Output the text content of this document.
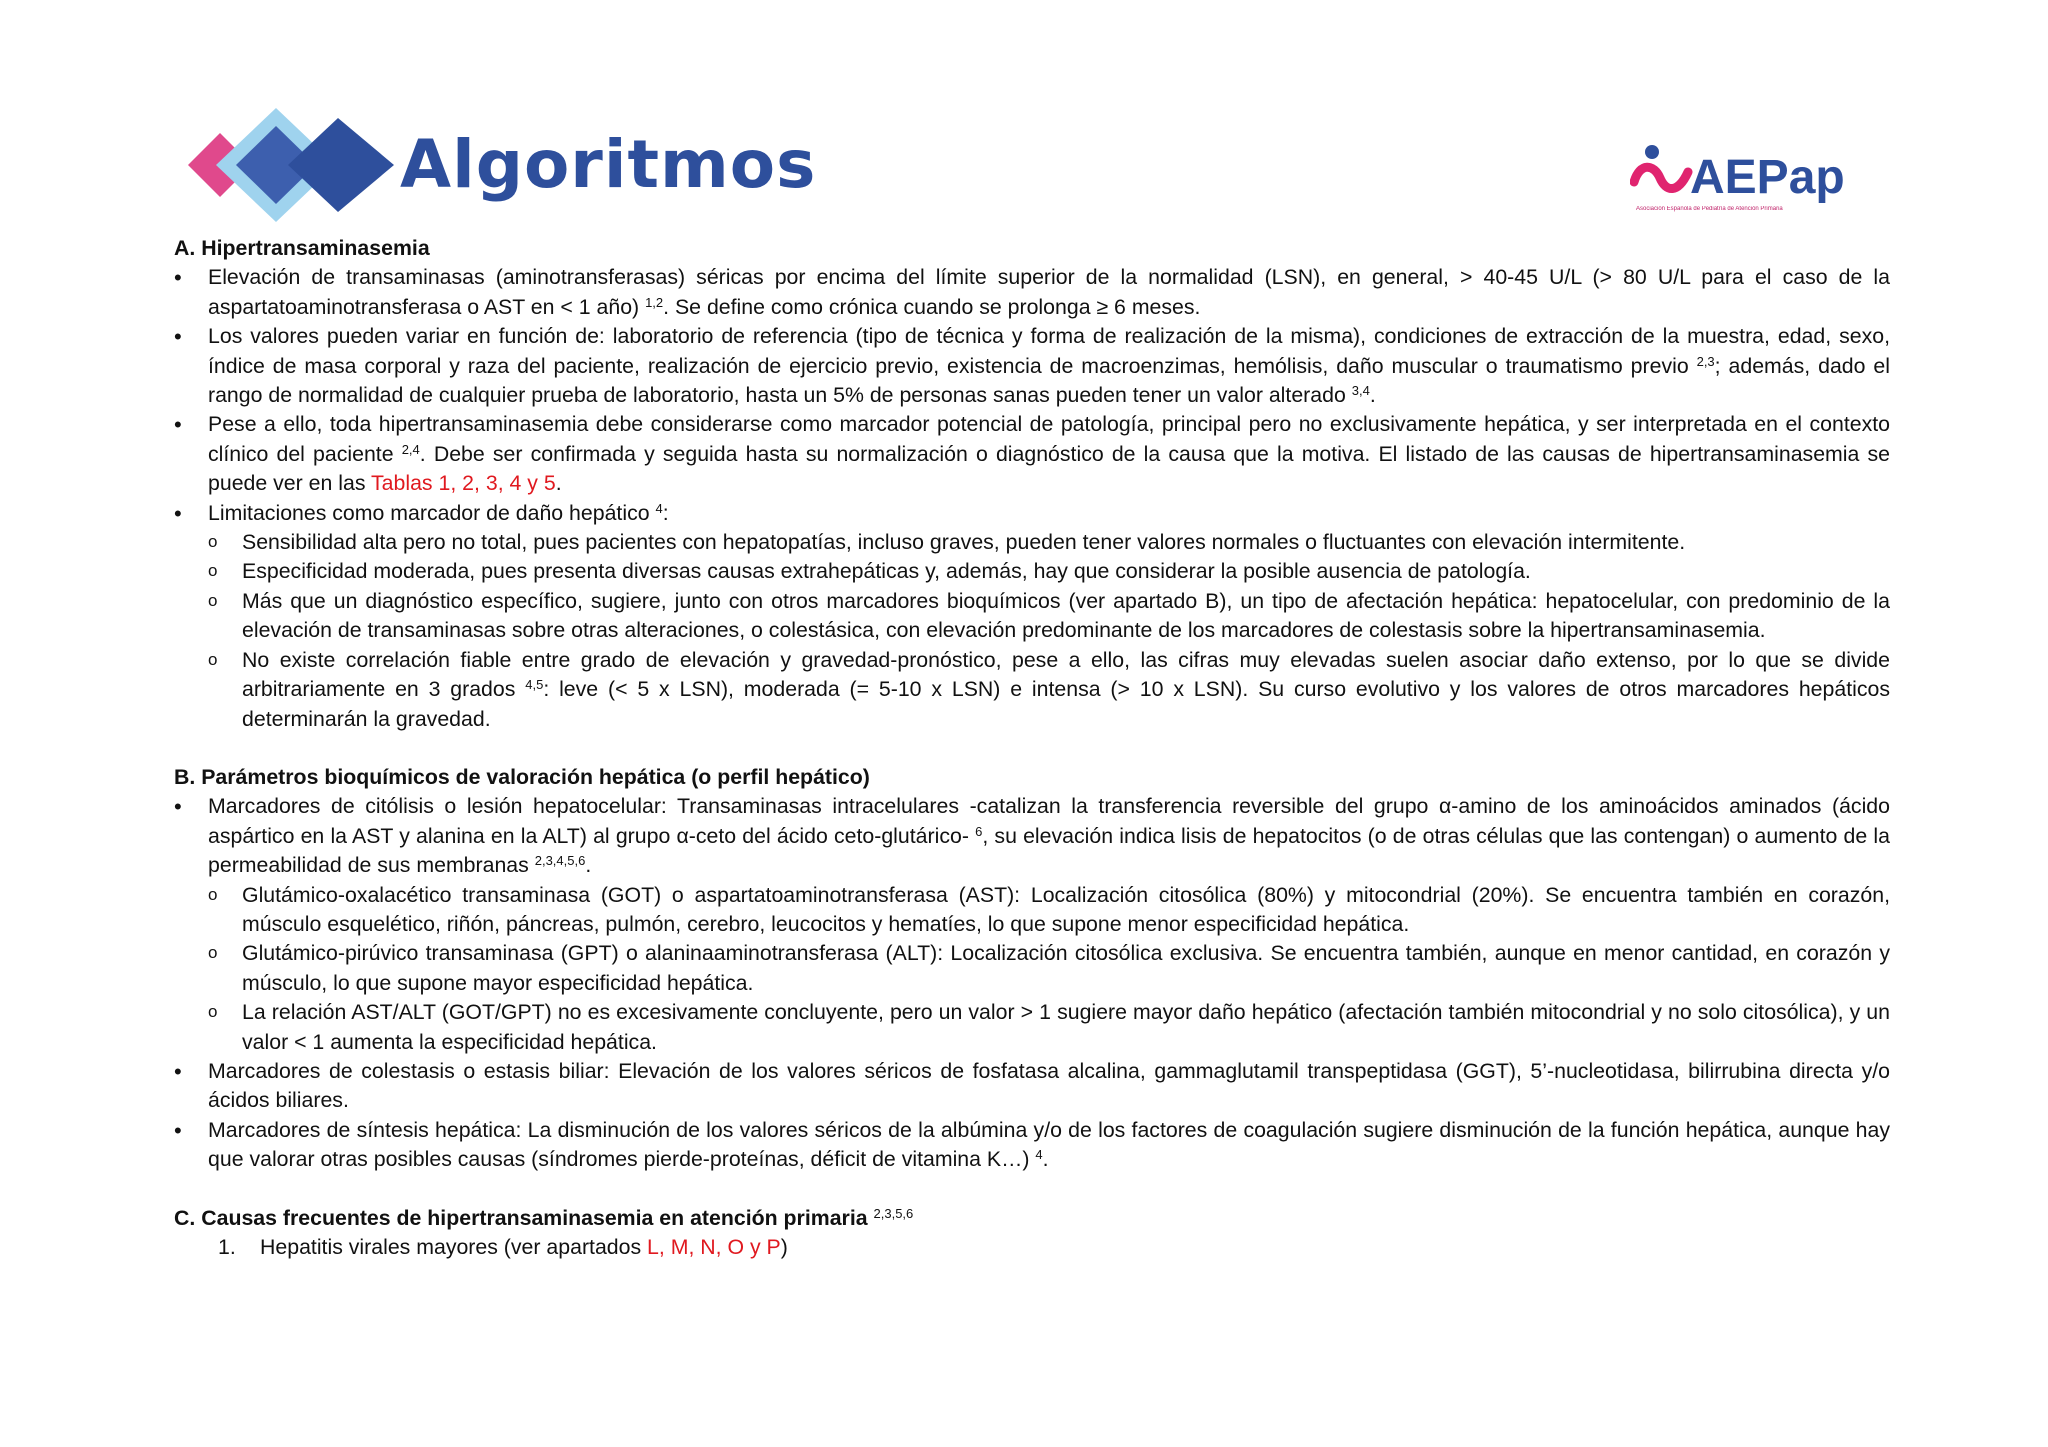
Algoritmos	AEPap
Asociación Española de Pediatría de Atención Primaria

A. Hipertransaminasemia

• Elevación de transaminasas (aminotransferasas) séricas por encima del límite superior de la normalidad (LSN), en general, > 40-45 U/L (> 80 U/L para el caso de la aspartatoaminotransferasa o AST en < 1 año) $^{1,2}$. Se define como crónica cuando se prolonga ≥ 6 meses.
• Los valores pueden variar en función de: laboratorio de referencia (tipo de técnica y forma de realización de la misma), condiciones de extracción de la muestra, edad, sexo, índice de masa corporal y raza del paciente, realización de ejercicio previo, existencia de macroenzimas, hemólisis, daño muscular o traumatismo previo $^{2,3}$; además, dado el rango de normalidad de cualquier prueba de laboratorio, hasta un 5% de personas sanas pueden tener un valor alterado $^{3,4}$.
• Pese a ello, toda hipertransaminasemia debe considerarse como marcador potencial de patología, principal pero no exclusivamente hepática, y ser interpretada en el contexto clínico del paciente $^{2,4}$. Debe ser confirmada y seguida hasta su normalización o diagnóstico de la causa que la motiva. El listado de las causas de hipertransaminasemia se puede ver en las Tablas 1, 2, 3, 4 y 5.
• Limitaciones como marcador de daño hepático $^4$:
o Sensibilidad alta pero no total, pues pacientes con hepatopatías, incluso graves, pueden tener valores normales o fluctuantes con elevación intermitente.
o Especificidad moderada, pues presenta diversas causas extrahepáticas y, además, hay que considerar la posible ausencia de patología.
o Más que un diagnóstico específico, sugiere, junto con otros marcadores bioquímicos (ver apartado B), un tipo de afectación hepática: hepatocelular, con predominio de la elevación de transaminasas sobre otras alteraciones, o colestásica, con elevación predominante de los marcadores de colestasis sobre la hipertransaminasemia.
o No existe correlación fiable entre grado de elevación y gravedad-pronóstico, pese a ello, las cifras muy elevadas suelen asociar daño extenso, por lo que se divide arbitrariamente en 3 grados $^{4,5}$: leve (< 5 x LSN), moderada (= 5-10 x LSN) e intensa (> 10 x LSN). Su curso evolutivo y los valores de otros marcadores hepáticos determinarán la gravedad.

B. Parámetros bioquímicos de valoración hepática (o perfil hepático)

• Marcadores de citólisis o lesión hepatocelular: Transaminasas intracelulares -catalizan la transferencia reversible del grupo α-amino de los aminoácidos aminados (ácido aspártico en la AST y alanina en la ALT) al grupo α-ceto del ácido ceto-glutárico- $^6$, su elevación indica lisis de hepatocitos (o de otras células que las contengan) o aumento de la permeabilidad de sus membranas $^{2,3,4,5,6}$.
o Glutámico-oxalacético transaminasa (GOT) o aspartatoaminotransferasa (AST): Localización citosólica (80%) y mitocondrial (20%). Se encuentra también en corazón, músculo esquelético, riñón, páncreas, pulmón, cerebro, leucocitos y hematíes, lo que supone menor especificidad hepática.
o Glutámico-pirúvico transaminasa (GPT) o alaninaaminotransferasa (ALT): Localización citosólica exclusiva. Se encuentra también, aunque en menor cantidad, en corazón y músculo, lo que supone mayor especificidad hepática.
o La relación AST/ALT (GOT/GPT) no es excesivamente concluyente, pero un valor > 1 sugiere mayor daño hepático (afectación también mitocondrial y no solo citosólica), y un valor < 1 aumenta la especificidad hepática.
• Marcadores de colestasis o estasis biliar: Elevación de los valores séricos de fosfatasa alcalina, gammaglutamil transpeptidasa (GGT), 5’-nucleotidasa, bilirrubina directa y/o ácidos biliares.
• Marcadores de síntesis hepática: La disminución de los valores séricos de la albúmina y/o de los factores de coagulación sugiere disminución de la función hepática, aunque hay que valorar otras posibles causas (síndromes pierde-proteínas, déficit de vitamina K…) $^4$.

C. Causas frecuentes de hipertransaminasemia en atención primaria $^{2,3,5,6}$

1. Hepatitis virales mayores (ver apartados L, M, N, O y P)
